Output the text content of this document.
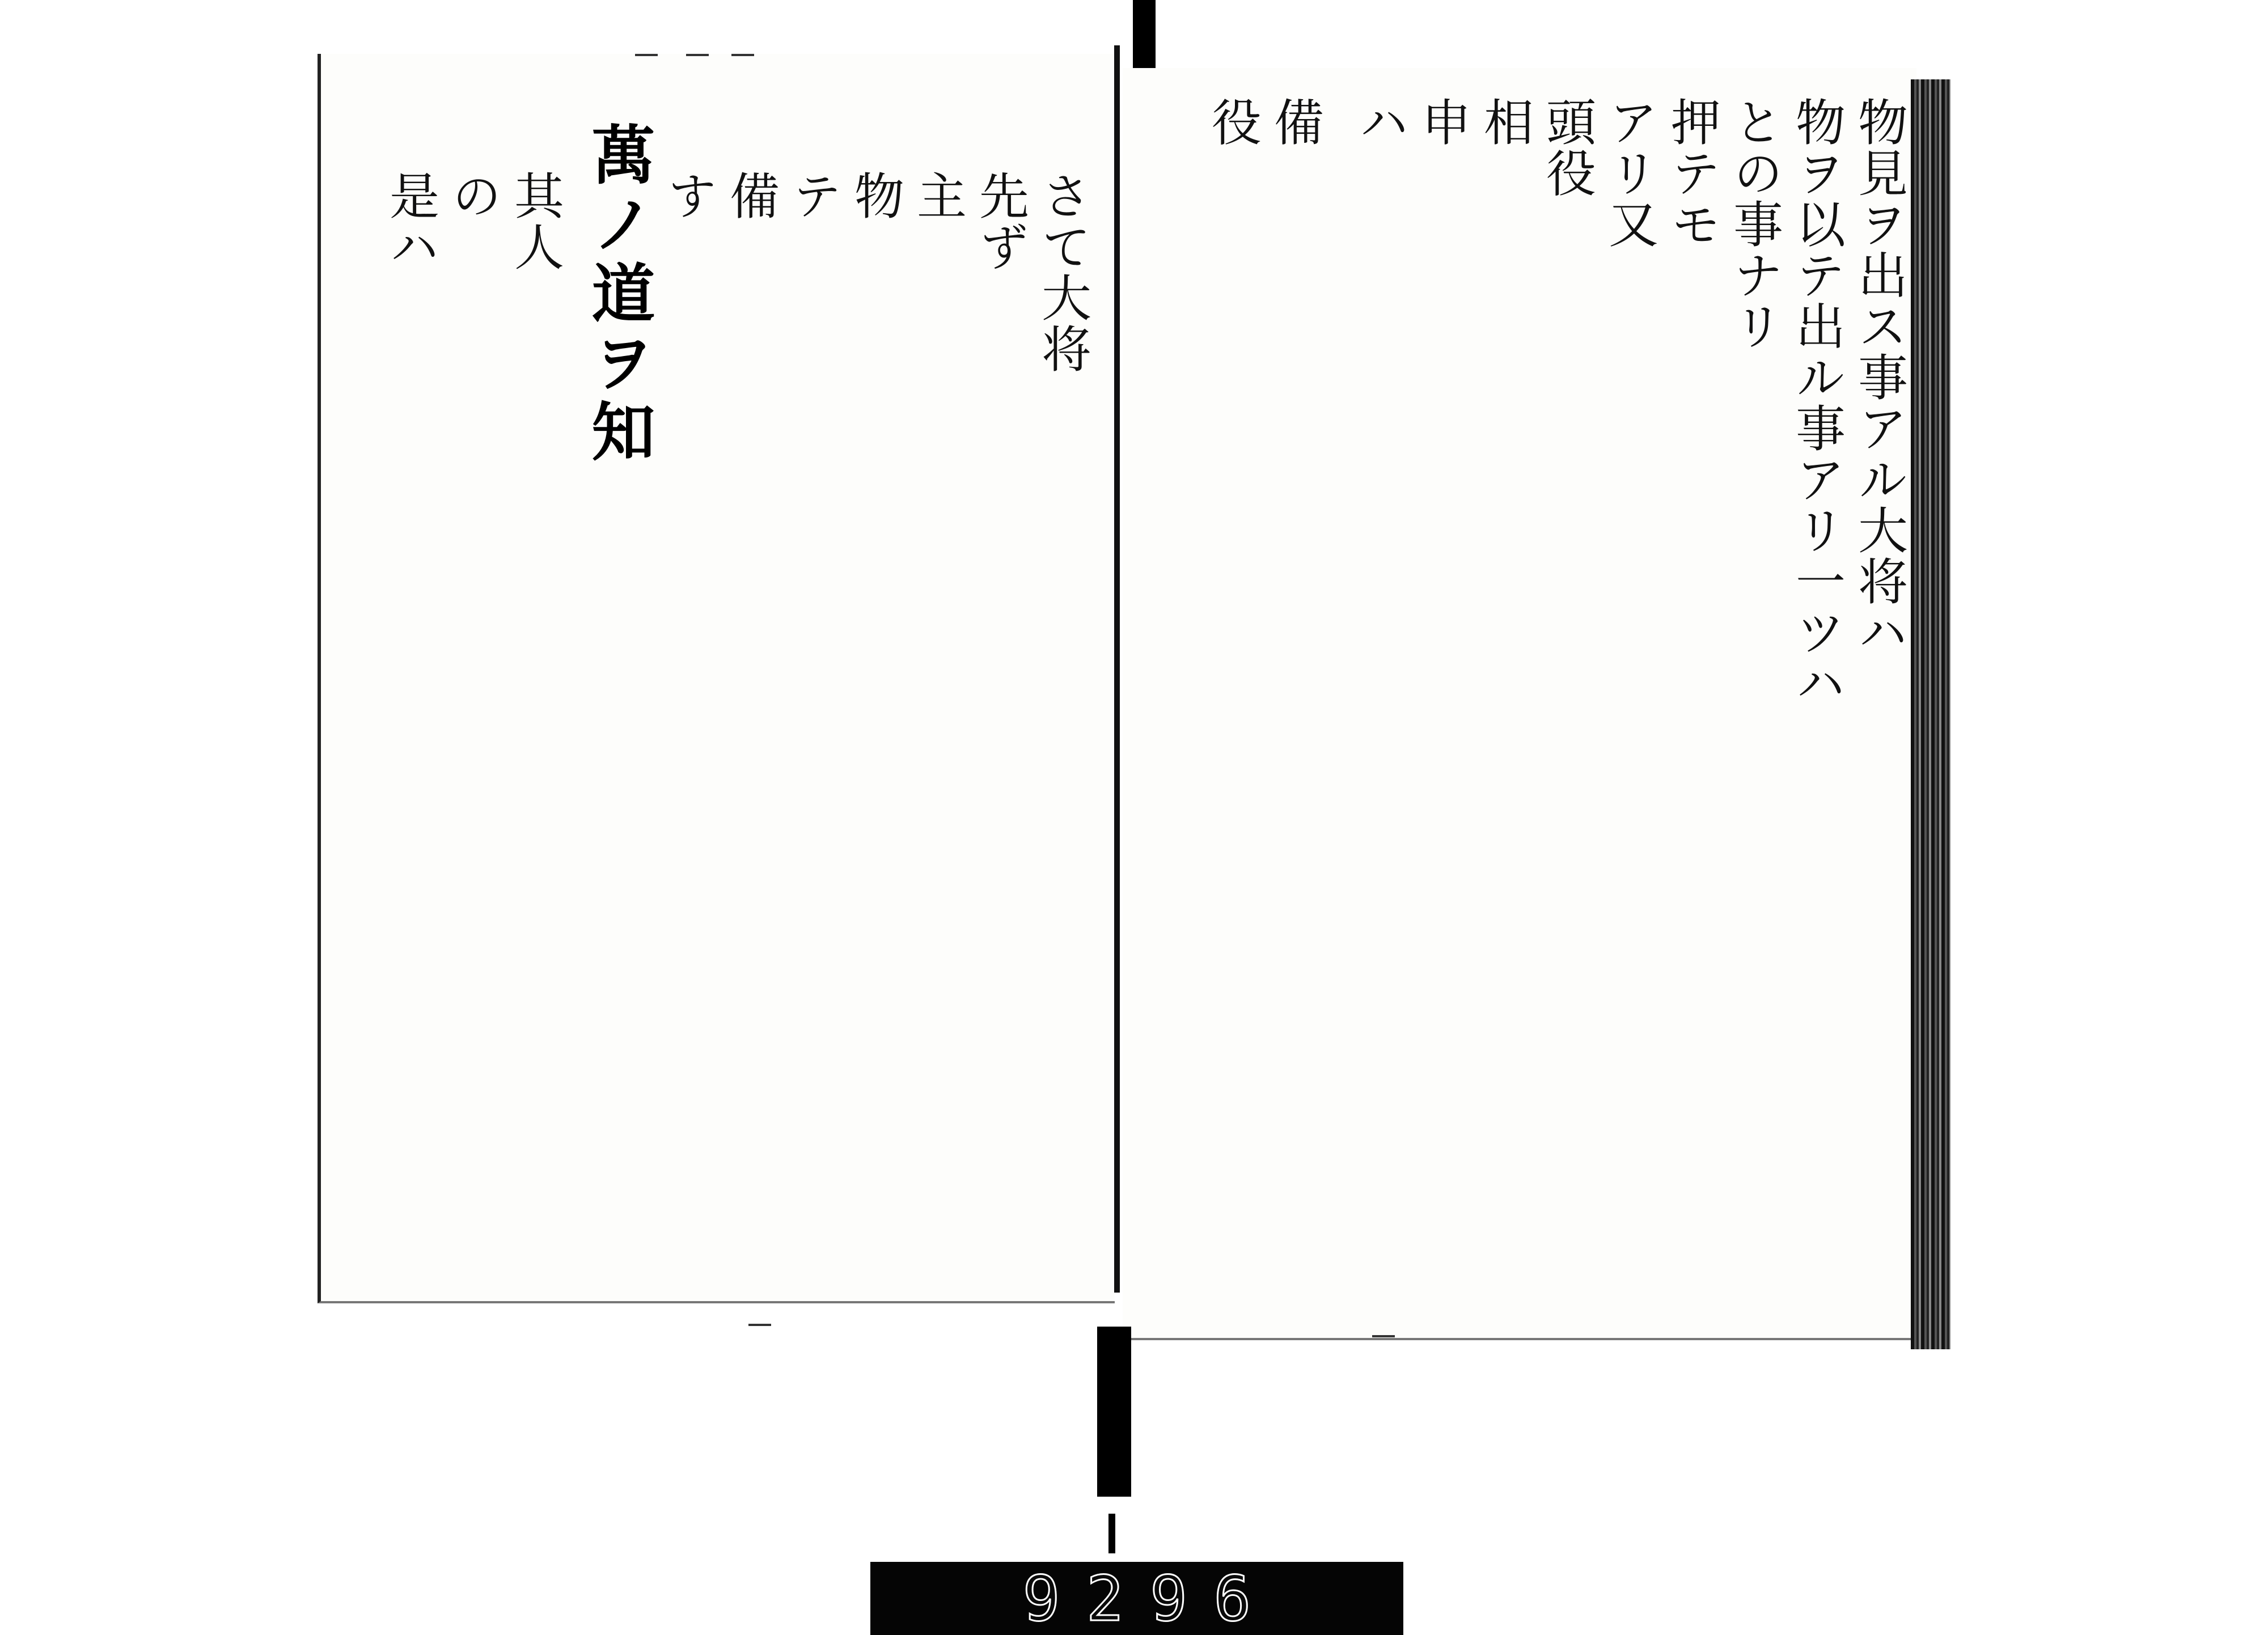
物見ヲ出ス事アル大将ハ
物ヲ以テ出ル事アリ一ツハ
との事ナリ
押テモ
アリ又
頭役
相
申
ハ
備
役
さて大将
先ず
主
物
テ
備
す
萬ノ道ヲ知
其人
の
是ハ
9 2 9 6
